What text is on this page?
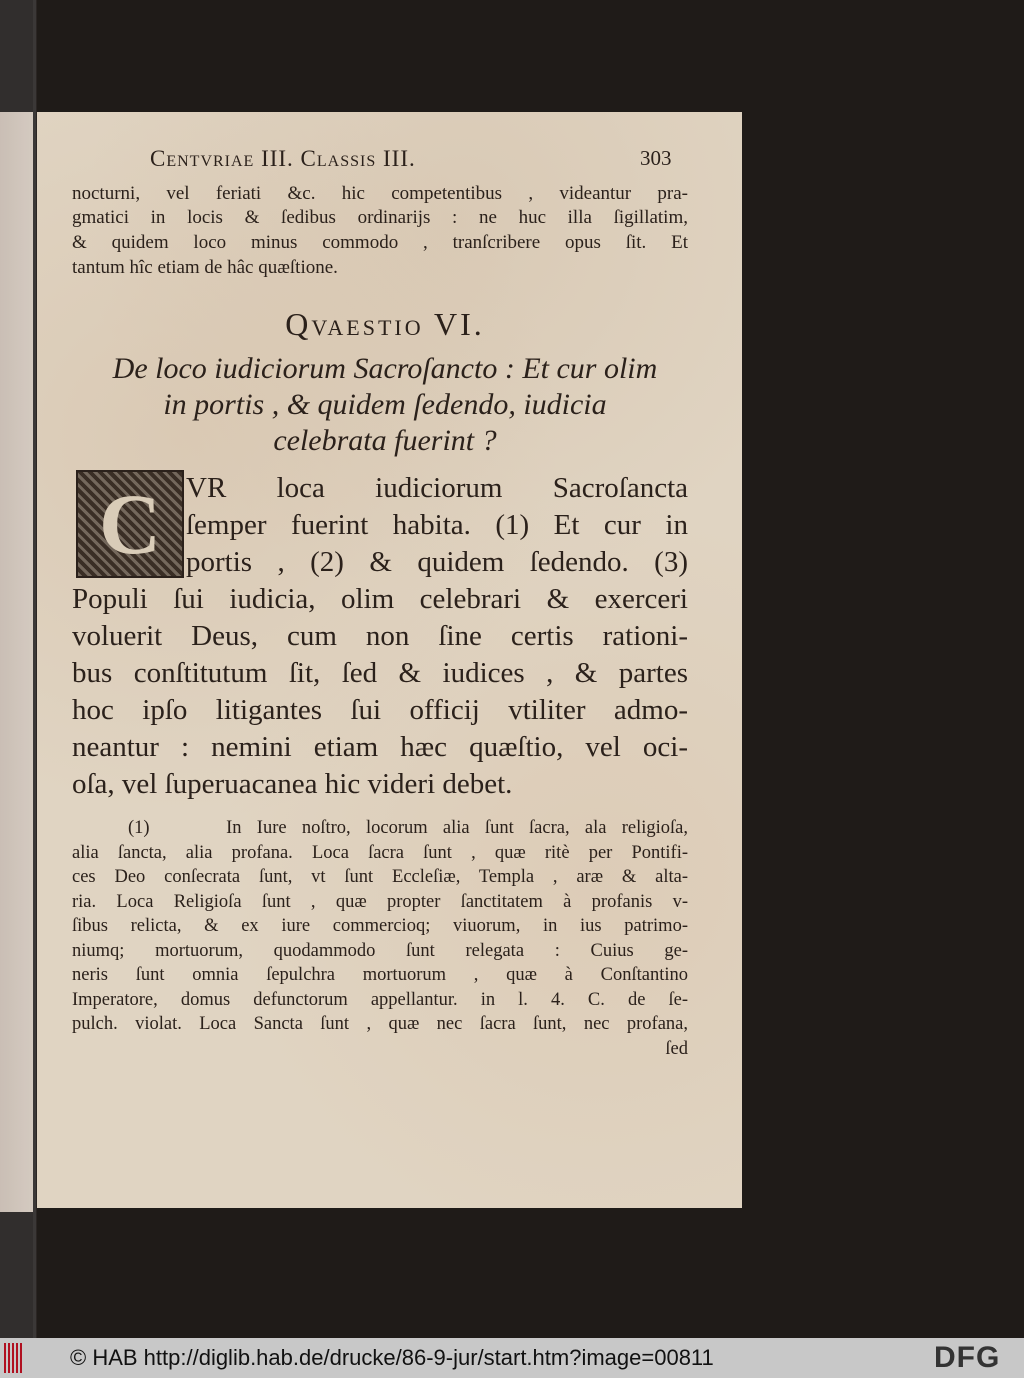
Centvriae III. Classis III.	303
nocturni, vel feriati &c. hic competentibus , videantur pra-
gmatici in locis & ſedibus ordinarijs : ne huc illa ſigillatim,
& quidem loco minus commodo , tranſcribere opus ſit. Et
tantum hîc etiam de hâc quæſtione.
Qvaestio VI.
De loco iudiciorum Sacroſancto : Et cur olim
in portis , & quidem ſedendo, iudicia
celebrata fuerint ?
C VR loca iudiciorum Sacroſancta
ſemper fuerint habita. (1) Et cur in
portis , (2) & quidem ſedendo. (3)
Populi ſui iudicia, olim celebrari & exerceri
voluerit Deus, cum non ſine certis rationi-
bus conſtitutum ſit, ſed & iudices , & partes
hoc ipſo litigantes ſui officij vtiliter admo-
neantur : nemini etiam hæc quæſtio, vel oci-
oſa, vel ſuperuacanea hic videri debet.
(1)     In Iure noſtro, locorum alia ſunt ſacra, ala religioſa,
alia ſancta, alia profana. Loca ſacra ſunt , quæ ritè per Pontifi-
ces Deo conſecrata ſunt, vt ſunt Eccleſiæ, Templa , aræ & alta-
ria. Loca Religioſa ſunt , quæ propter ſanctitatem à profanis v-
ſibus relicta, & ex iure commercioq; viuorum, in ius patrimo-
niumq; mortuorum, quodammodo ſunt relegata : Cuius ge-
neris ſunt omnia ſepulchra mortuorum , quæ à Conſtantino
Imperatore, domus defunctorum appellantur. in l. 4. C. de ſe-
pulch. violat. Loca Sancta ſunt , quæ nec ſacra ſunt, nec profana,
ſed
© HAB http://diglib.hab.de/drucke/86-9-jur/start.htm?image=00811	DFG
